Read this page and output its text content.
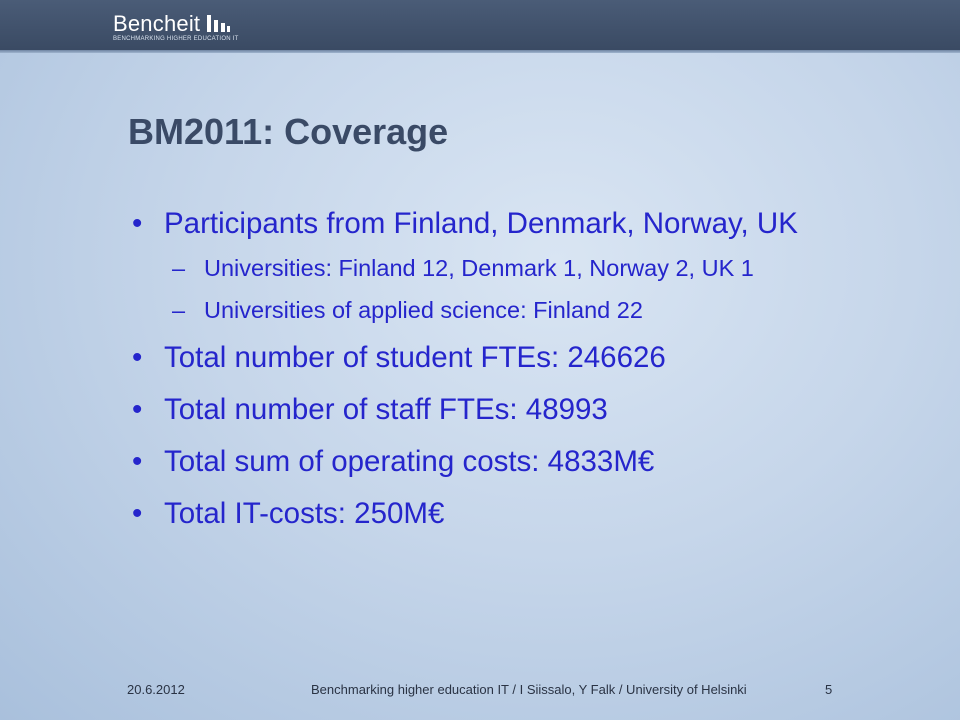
Bencheit
BENCHMARKING HIGHER EDUCATION IT
BM2011: Coverage

• Participants from Finland, Denmark, Norway, UK

– Universities: Finland 12, Denmark 1, Norway 2, UK 1

– Universities of applied science: Finland 22

• Total number of student FTEs: 246626

• Total number of staff FTEs: 48993

• Total sum of operating costs: 4833M€

• Total IT-costs: 250M€

20.6.2012	Benchmarking higher education IT / I Siissalo, Y Falk / University of Helsinki	5
